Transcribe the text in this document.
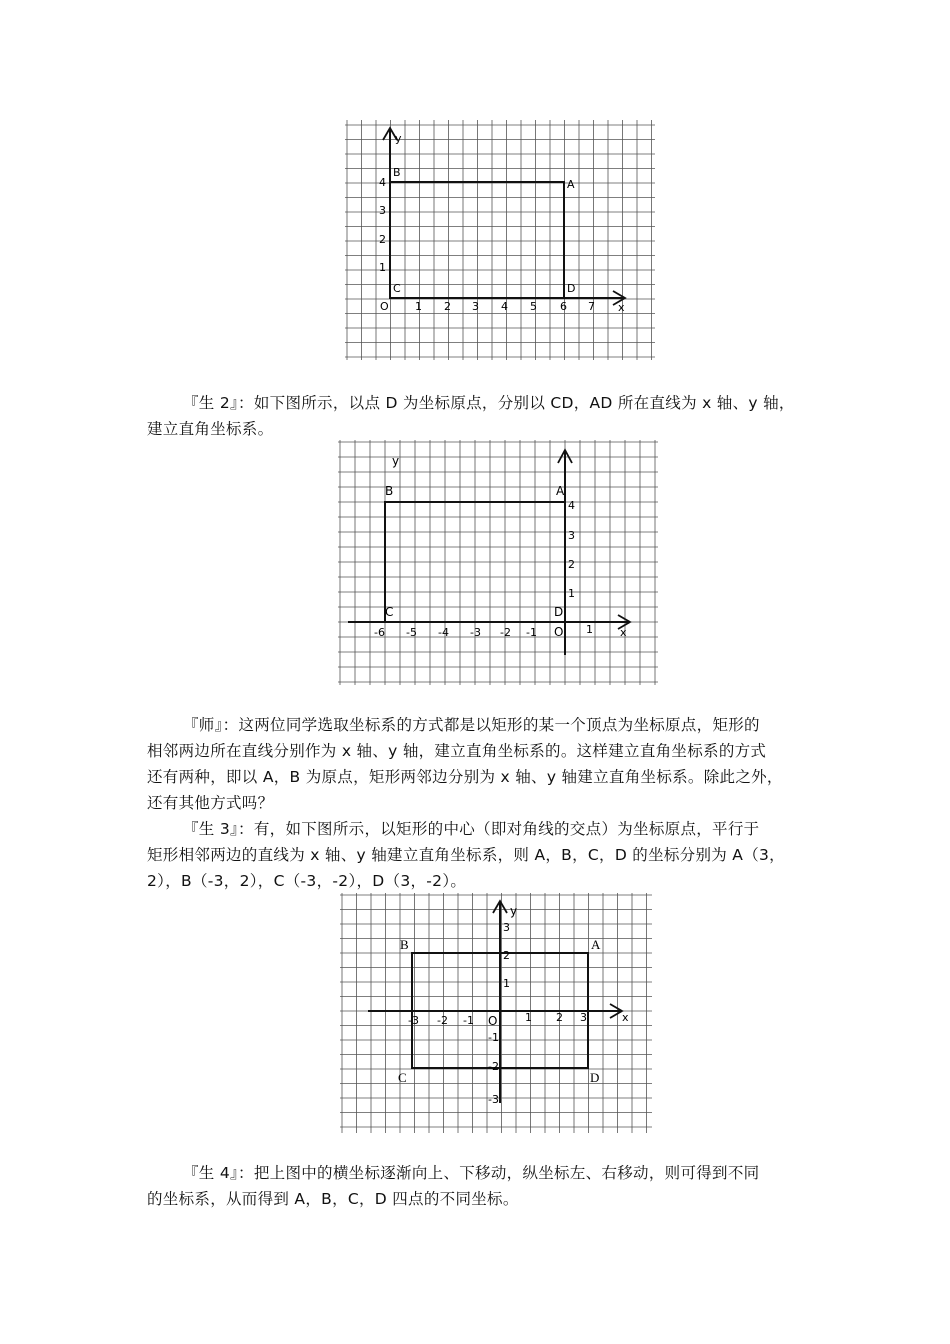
y
x
O 1 2 3 4 5 6 7
1
2
3
4
B
A
C	D
『生 2』：如下图所示，以点 D 为坐标原点，分别以 CD，AD 所在直线为 x 轴、y 轴，
建立直角坐标系。
y
x
O
-6 -5 -4 -3 -2 -1	1
1
2
3
4
B	A
C	D
『师』：这两位同学选取坐标系的方式都是以矩形的某一个顶点为坐标原点，矩形的
相邻两边所在直线分别作为 x 轴、y 轴，建立直角坐标系的。这样建立直角坐标系的方式
还有两种，即以 A，B 为原点，矩形两邻边分别为 x 轴、y 轴建立直角坐标系。除此之外，
还有其他方式吗？
『生 3』：有，如下图所示，以矩形的中心（即对角线的交点）为坐标原点，平行于
矩形相邻两边的直线为 x 轴、y 轴建立直角坐标系，则 A，B，C，D 的坐标分别为 A（3，
2），B（-3，2），C（-3，-2），D（3，-2）。
y
x
O
-3 -2 -1	1 2 3
1
2
3
-1
-2
-3
B	A
C	D
『生 4』：把上图中的横坐标逐渐向上、下移动，纵坐标左、右移动，则可得到不同
的坐标系，从而得到 A，B，C，D 四点的不同坐标。
